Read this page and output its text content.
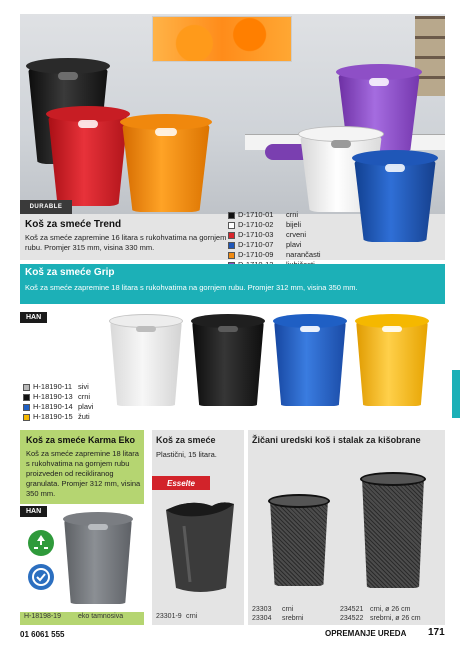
DURABLE
Koš za smeće Trend
Koš za smeće zapremine 16 litara s rukohvatima na gornjem rubu. Promjer 315 mm, visina 330 mm.
D-1710-01	crni
D-1710-02	bijeli
D-1710-03	crveni
D-1710-07	plavi
D-1710-09	narančasti
Koš za smeće Grip
Koš za smeće zapremine 18 litara s rukohvatima na gornjem rubu. Promjer 312 mm, visina 350 mm.
HAN
H-18190-11 sivi
H-18190-13 crni
H-18190-14 plavi
H-18190-15 žuti
Koš za smeće Karma Eko
Koš za smeće zapremine 18 litara s rukohvatima na gornjem rubu proizveden od recikliranog granulata. Promjer 312 mm, visina 350 mm.
HAN
H-18198-19 eko tamnosiva
Koš za smeće
Plastični, 15 litara.
Esselte
23301-9 crni
Žičani uredski koš i stalak za kišobrane
23303	crni
23304	srebrni
234521 crni, ø 26 cm
234522 srebrni, ø 26 cm
01 6061 555	OPREMANJE UREDA 171
